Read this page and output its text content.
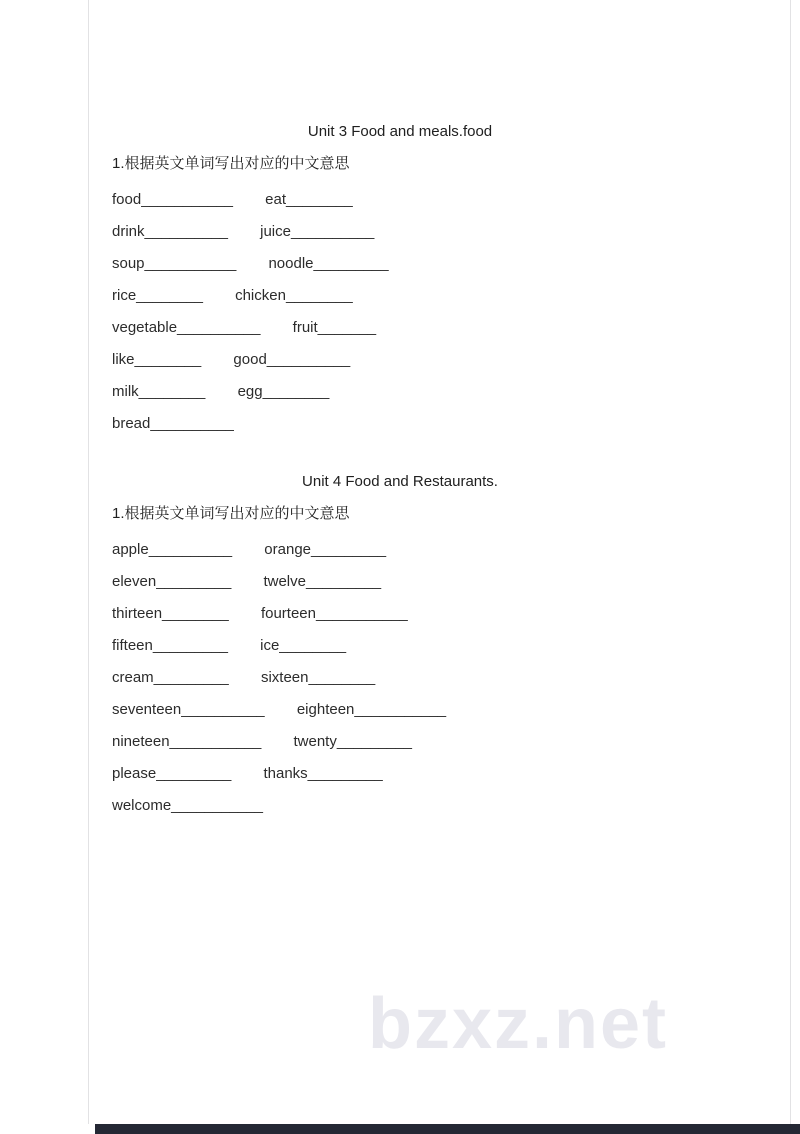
Unit 3 Food and meals.food

1.根据英文单词写出对应的中文意思

food___________ eat________
drink__________ juice__________
soup___________ noodle_________
rice________ chicken________
vegetable__________ fruit_______
like________ good__________
milk________ egg________
bread__________
Unit 4 Food and Restaurants.

1.根据英文单词写出对应的中文意思

apple__________ orange_________
eleven_________ twelve_________
thirteen________ fourteen___________
fifteen_________ ice________
cream_________ sixteen________
seventeen__________ eighteen___________
nineteen___________ twenty_________
please_________ thanks_________
welcome___________
bzxz.net
